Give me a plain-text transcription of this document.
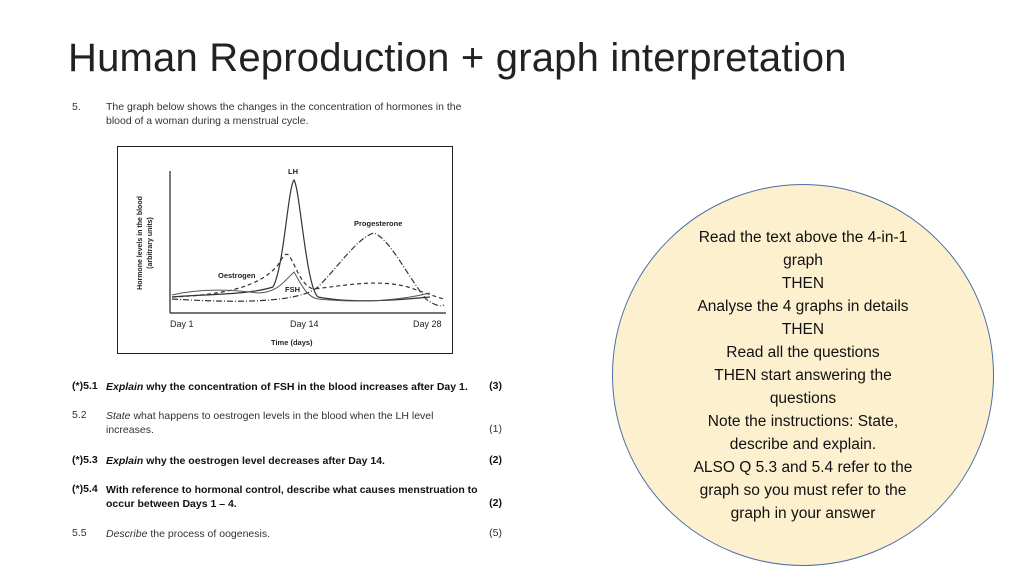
Human Reproduction + graph interpretation
5. The graph below shows the changes in the concentration of hormones in the
blood of a woman during a menstrual cycle.
Hormone levels in the blood (arbitrary units)
Day 1	Day 14	Day 28
Time (days)
LH
Progesterone
Oestrogen
FSH
(*)5.1 Explain why the concentration of FSH in the blood increases after Day 1.	(3)
5.2 State what happens to oestrogen levels in the blood when the LH level
increases.	(1)
(*)5.3 Explain why the oestrogen level decreases after Day 14.	(2)
(*)5.4 With reference to hormonal control, describe what causes menstruation to
occur between Days 1 – 4.	(2)
5.5 Describe the process of oogenesis.	(5)
Read the text above the 4-in-1
graph
THEN
Analyse the 4 graphs in details
THEN
Read all the questions
THEN start answering the
questions
Note the instructions: State,
describe and explain.
ALSO Q 5.3 and 5.4 refer to the
graph so you must refer to the
graph in your answer
